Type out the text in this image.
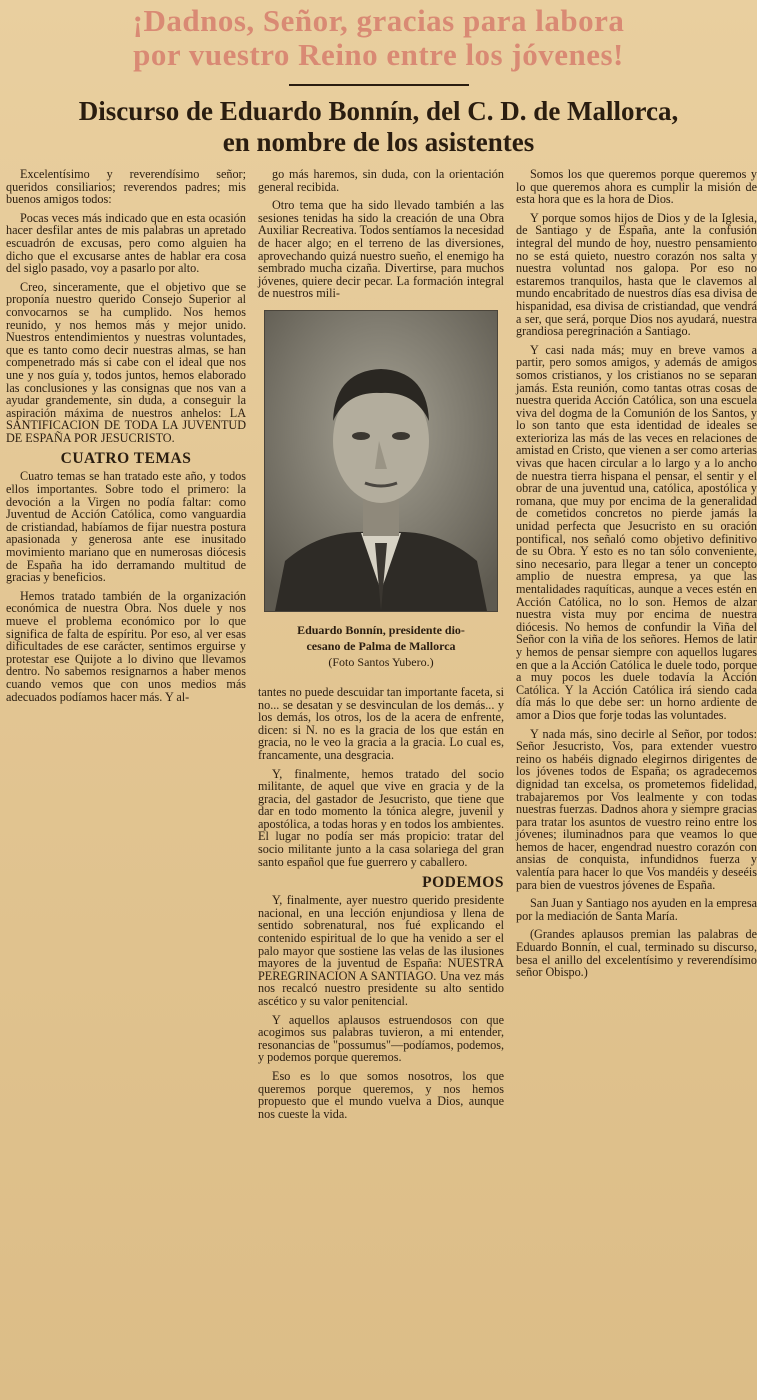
¡Dadnos, Señor, gracias para labora
por vuestro Reino entre los jóvenes!
Discurso de Eduardo Bonnín, del C. D. de Mallorca,
en nombre de los asistentes

Excelentísimo y reverendísimo señor; queridos consiliarios; reverendos padres; mis buenos amigos todos:

Pocas veces más indicado que en esta ocasión hacer desfilar antes de mis palabras un apretado escuadrón de excusas, pero como alguien ha dicho que el excusarse antes de hablar era cosa del siglo pasado, voy a pasarlo por alto.

Creo, sinceramente, que el objetivo que se proponía nuestro querido Consejo Superior al convocarnos se ha cumplido. Nos hemos reunido, y nos hemos más y mejor unido. Nuestros entendimientos y nuestras voluntades, que es tanto como decir nuestras almas, se han compenetrado más si cabe con el ideal que nos une y nos guía y, todos juntos, hemos elaborado las conclusiones y las consignas que nos van a ayudar grandemente, sin duda, a conseguir la aspiración máxima de nuestros anhelos: LA SANTIFICACION DE TODA LA JUVENTUD DE ESPAÑA POR JESUCRISTO.

CUATRO TEMAS

Cuatro temas se han tratado este año, y todos ellos importantes. Sobre todo el primero: la devoción a la Virgen no podía faltar: como Juventud de Acción Católica, como vanguardia de cristiandad, habíamos de fijar nuestra postura apasionada y generosa ante ese inusitado movimiento mariano que en numerosas diócesis de España ha ido derramando multitud de gracias y beneficios.

Hemos tratado también de la organización económica de nuestra Obra. Nos duele y nos mueve el problema económico por lo que significa de falta de espíritu. Por eso, al ver esas dificultades de ese carácter, sentimos erguirse y protestar ese Quijote a lo divino que llevamos dentro. No sabemos resignarnos a haber menos cuando vemos que con unos medios más adecuados podíamos hacer más. Y al-

go más haremos, sin duda, con la orientación general recibida.

Otro tema que ha sido llevado también a las sesiones tenidas ha sido la creación de una Obra Auxiliar Recreativa. Todos sentíamos la necesidad de hacer algo; en el terreno de las diversiones, aprovechando quizá nuestro sueño, el enemigo ha sembrado mucha cizaña. Divertirse, para muchos jóvenes, quiere decir pecar. La formación integral de nuestros mili-

Eduardo Bonnín, presidente dio-
cesano de Palma de Mallorca
(Foto Santos Yubero.)

tantes no puede descuidar tan importante faceta, si no... se desatan y se desvinculan de los demás... y los demás, los otros, los de la acera de enfrente, dicen: si N. no es la gracia de los que están en gracia, no le veo la gracia a la gracia. Lo cual es, francamente, una desgracia.

Y, finalmente, hemos tratado del socio militante, de aquel que vive en gracia y de la gracia, del gastador de Jesucristo, que tiene que dar en todo momento la tónica alegre, juvenil y apostólica, a todas horas y en todos los ambientes. El lugar no podía ser más propicio: tratar del socio militante junto a la casa solariega del gran santo español que fue guerrero y caballero.

PODEMOS

Y, finalmente, ayer nuestro querido presidente nacional, en una lección enjundiosa y llena de sentido sobrenatural, nos fué explicando el contenido espiritual de lo que ha venido a ser el palo mayor que sostiene las velas de las ilusiones mayores de la juventud de España: NUESTRA PEREGRINACION A SANTIAGO. Una vez más nos recalcó nuestro presidente su alto sentido ascético y su valor penitencial.

Y aquellos aplausos estruendosos con que acogimos sus palabras tuvieron, a mi entender, resonancias de "possumus"—podíamos, podemos, y podemos porque queremos.

Eso es lo que somos nosotros, los que queremos porque queremos, y nos hemos propuesto que el mundo vuelva a Dios, aunque nos cueste la vida.

Somos los que queremos porque queremos y lo que queremos ahora es cumplir la misión de esta hora que es la hora de Dios.

Y porque somos hijos de Dios y de la Iglesia, de Santiago y de España, ante la confusión integral del mundo de hoy, nuestro pensamiento no se está quieto, nuestro corazón nos salta y nuestra voluntad nos galopa. Por eso no estaremos tranquilos, hasta que le clavemos al mundo encabritado de nuestros días esa divisa de hispanidad, esa divisa de cristiandad, que vendrá a ser, que será, porque Dios nos ayudará, nuestra grandiosa peregrinación a Santiago.

Y casi nada más; muy en breve vamos a partir, pero somos amigos, y además de amigos somos cristianos, y los cristianos no se separan jamás. Esta reunión, como tantas otras cosas de nuestra querida Acción Católica, son una escuela viva del dogma de la Comunión de los Santos, y lo son tanto que esta identidad de ideales se exterioriza las más de las veces en relaciones de amistad en Cristo, que vienen a ser como arterias vivas que hacen circular a lo largo y a lo ancho de nuestra tierra hispana el pensar, el sentir y el obrar de una juventud una, católica, apostólica y romana, que muy por encima de la generalidad de cometidos concretos no pierde jamás la unidad perfecta que Jesucristo en su oración pontifical, nos señaló como objetivo definitivo de su Obra. Y esto es no tan sólo conveniente, sino necesario, para llegar a tener un concepto amplio de nuestra empresa, ya que las mentalidades raquíticas, aunque a veces estén en Acción Católica, no lo son. Hemos de alzar nuestra vista muy por encima de nuestra diócesis. No hemos de confundir la Viña del Señor con la viña de los señores. Hemos de latir y hemos de pensar siempre con aquellos lugares en que a la Acción Católica le duele todo, porque a muy pocos les duele todavía la Acción Católica. Y la Acción Católica irá siendo cada día más lo que debe ser: un horno ardiente de amor a Dios que forje todas las voluntades.

Y nada más, sino decirle al Señor, por todos: Señor Jesucristo, Vos, para extender vuestro reino os habéis dignado elegirnos dirigentes de los jóvenes todos de España; os agradecemos dignidad tan excelsa, os prometemos fidelidad, trabajaremos por Vos lealmente y con todas nuestras fuerzas. Dadnos ahora y siempre gracias para tratar los asuntos de vuestro reino entre los jóvenes; iluminadnos para que veamos lo que hemos de hacer, engendrad nuestro corazón con ansias de conquista, infundidnos fuerza y valentía para hacer lo que Vos mandéis y deseéis para bien de vuestros jóvenes de España.

San Juan y Santiago nos ayuden en la empresa por la mediación de Santa María.

(Grandes aplausos premian las palabras de Eduardo Bonnín, el cual, terminado su discurso, besa el anillo del excelentísimo y reverendísimo señor Obispo.)
